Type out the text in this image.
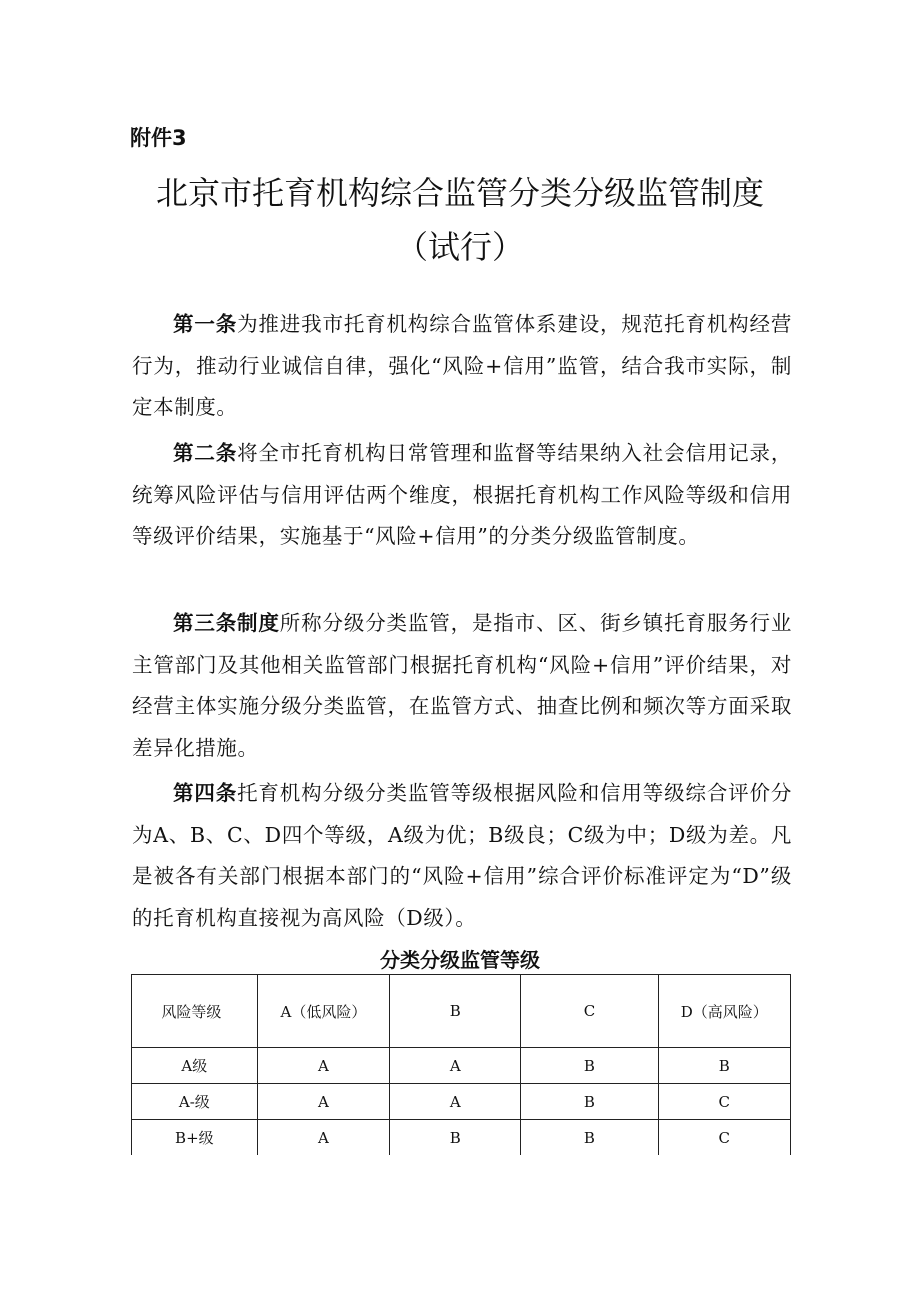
附件3
北京市托育机构综合监管分类分级监管制度
（试行）

第一条为推进我市托育机构综合监管体系建设，规范托育机构经营行为，推动行业诚信自律，强化“风险+信用”监管，结合我市实际，制定本制度。

第二条将全市托育机构日常管理和监督等结果纳入社会信用记录，统筹风险评估与信用评估两个维度，根据托育机构工作风险等级和信用等级评价结果，实施基于“风险+信用”的分类分级监管制度。

第三条制度所称分级分类监管，是指市、区、街乡镇托育服务行业主管部门及其他相关监管部门根据托育机构“风险+信用”评价结果，对经营主体实施分级分类监管，在监管方式、抽查比例和频次等方面采取差异化措施。

第四条托育机构分级分类监管等级根据风险和信用等级综合评价分为A、B、C、D四个等级，A级为优；B级良；C级为中；D级为差。凡是被各有关部门根据本部门的“风险+信用”综合评价标准评定为“D”级的托育机构直接视为高风险（D级）。

分类分级监管等级
风险等级	A（低风险）	B	C	D（高风险）
A级	A	A	B	B
A-级	A	A	B	C
B+级	A	B	B	C
